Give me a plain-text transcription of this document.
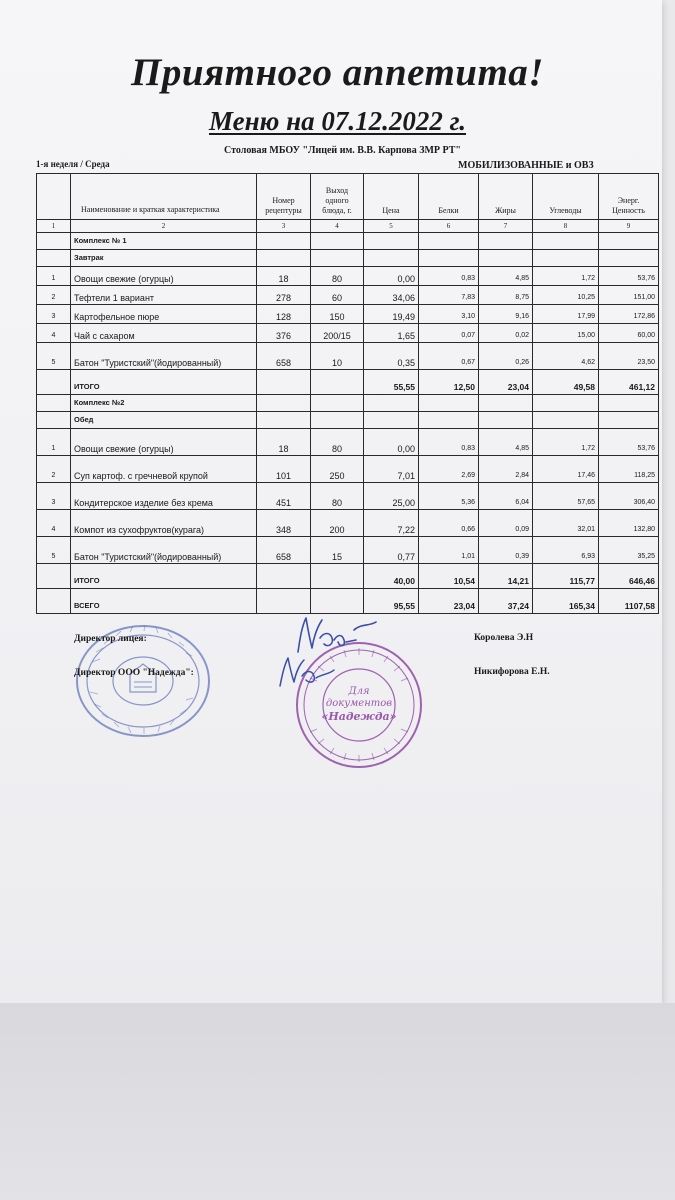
Приятного аппетита!
Меню на 07.12.2022 г.
Столовая МБОУ "Лицей им. В.В. Карпова ЗМР РТ"
1-я неделя / Среда	МОБИЛИЗОВАННЫЕ и ОВЗ
	Наименование и краткая характеристика	Номер рецептуры	Выход одного блюда, г.	Цена	Белки	Жиры	Углеводы	Энерг. Ценность
1	2	3	4	5	6	7	8	9
	Комплекс № 1							
	Завтрак							
1	Овощи свежие (огурцы)	18	80	0,00	0,83	4,85	1,72	53,76
2	Тефтели 1 вариант	278	60	34,06	7,83	8,75	10,25	151,00
3	Картофельное пюре	128	150	19,49	3,10	9,16	17,99	172,86
4	Чай с сахаром	376	200/15	1,65	0,07	0,02	15,00	60,00
5	Батон "Туристский"(йодированный)	658	10	0,35	0,67	0,26	4,62	23,50
	ИТОГО			55,55	12,50	23,04	49,58	461,12
	Комплекс №2							
	Обед							
1	Овощи свежие (огурцы)	18	80	0,00	0,83	4,85	1,72	53,76
2	Суп картоф. с гречневой крупой	101	250	7,01	2,69	2,84	17,46	118,25
3	Кондитерское изделие без крема	451	80	25,00	5,36	6,04	57,65	306,40
4	Компот из сухофруктов(курага)	348	200	7,22	0,66	0,09	32,01	132,80
5	Батон "Туристский"(йодированный)	658	15	0,77	1,01	0,39	6,93	35,25
	ИТОГО			40,00	10,54	14,21	115,77	646,46
	ВСЕГО			95,55	23,04	37,24	165,34	1107,58
Для
документов
«Надежда»
Директор лицея:	Королева Э.Н
Директор ООО "Надежда":	Никифорова Е.Н.
